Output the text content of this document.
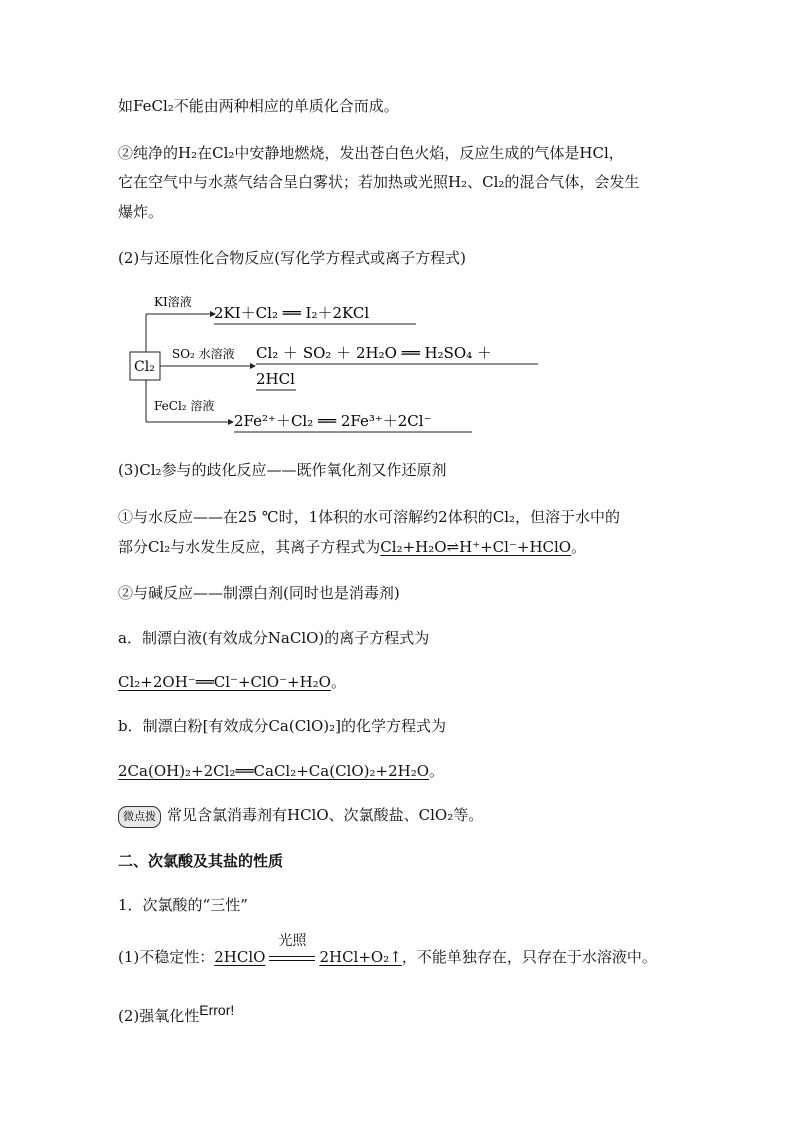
如FeCl₂不能由两种相应的单质化合而成。
②纯净的H₂在Cl₂中安静地燃烧，发出苍白色火焰，反应生成的气体是HCl，
它在空气中与水蒸气结合呈白雾状；若加热或光照H₂、Cl₂的混合气体，会发生
爆炸。
(2)与还原性化合物反应(写化学方程式或离子方程式)
Cl₂
KI溶液
2KI＋Cl₂ ══ I₂＋2KCl
SO₂ 水溶液 Cl₂ ＋ SO₂ ＋ 2H₂O ══ H₂SO₄ ＋
2HCl
FeCl₂ 溶液
2Fe²⁺＋Cl₂ ══ 2Fe³⁺＋2Cl⁻
(3)Cl₂参与的歧化反应——既作氧化剂又作还原剂
①与水反应——在25 ℃时，1体积的水可溶解约2体积的Cl₂，但溶于水中的
部分Cl₂与水发生反应，其离子方程式为Cl₂+H₂O⇌H⁺+Cl⁻+HClO。
②与碱反应——制漂白剂(同时也是消毒剂)
a．制漂白液(有效成分NaClO)的离子方程式为
Cl₂+2OH⁻══Cl⁻+ClO⁻+H₂O。
b．制漂白粉[有效成分Ca(ClO)₂]的化学方程式为
2Ca(OH)₂+2Cl₂══CaCl₂+Ca(ClO)₂+2H₂O。
微点拨 常见含氯消毒剂有HClO、次氯酸盐、ClO₂等。
二、次氯酸及其盐的性质
1．次氯酸的“三性”
(1)不稳定性：2HClO
光照
2HCl+O₂↑，不能单独存在，只存在于水溶液中。
(2)强氧化性Error!
